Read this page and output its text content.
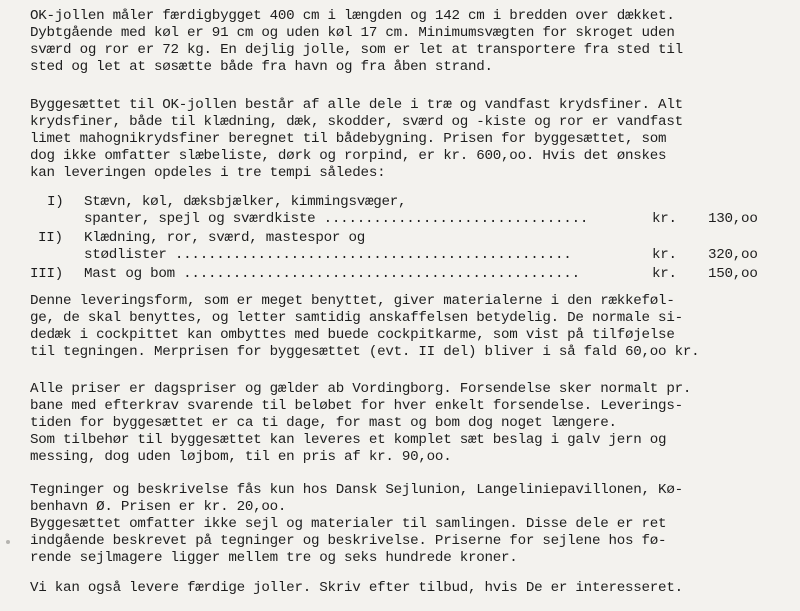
OK-jollen måler færdigbygget 400 cm i længden og 142 cm i bredden over dækket.
Dybtgående med køl er 91 cm og uden køl 17 cm. Minimumsvægten for skroget uden
sværd og ror er 72 kg. En dejlig jolle, som er let at transportere fra sted til
sted og let at søsætte både fra havn og fra åben strand.
Byggesættet til OK-jollen består af alle dele i træ og vandfast krydsfiner. Alt
krydsfiner, både til klædning, dæk, skodder, sværd og -kiste og ror er vandfast
limet mahognikrydsfiner beregnet til bådebygning. Prisen for byggesættet, som
dog ikke omfatter slæbeliste, dørk og rorpind, er kr. 600,oo. Hvis det ønskes
kan leveringen opdeles i tre tempi således:
I) Stævn, køl, dæksbjælker, kimmingsvæger,
spanter, spejl og sværdkiste ................................	kr. 130,oo
II) Klædning, ror, sværd, mastespor og
stødlister ................................................	kr. 320,oo
III) Mast og bom ................................................	kr. 150,oo
Denne leveringsform, som er meget benyttet, giver materialerne i den rækkeføl-
ge, de skal benyttes, og letter samtidig anskaffelsen betydelig. De normale si-
dedæk i cockpittet kan ombyttes med buede cockpitkarme, som vist på tilføjelse
til tegningen. Merprisen for byggesættet (evt. II del) bliver i så fald 60,oo kr.
Alle priser er dagspriser og gælder ab Vordingborg. Forsendelse sker normalt pr.
bane med efterkrav svarende til beløbet for hver enkelt forsendelse. Leverings-
tiden for byggesættet er ca ti dage, for mast og bom dog noget længere.
Som tilbehør til byggesættet kan leveres et komplet sæt beslag i galv jern og
messing, dog uden løjbom, til en pris af kr. 90,oo.
Tegninger og beskrivelse fås kun hos Dansk Sejlunion, Langeliniepavillonen, Kø-
benhavn Ø. Prisen er kr. 20,oo.
Byggesættet omfatter ikke sejl og materialer til samlingen. Disse dele er ret
indgående beskrevet på tegninger og beskrivelse. Priserne for sejlene hos fø-
rende sejlmagere ligger mellem tre og seks hundrede kroner.
Vi kan også levere færdige joller. Skriv efter tilbud, hvis De er interesseret.
